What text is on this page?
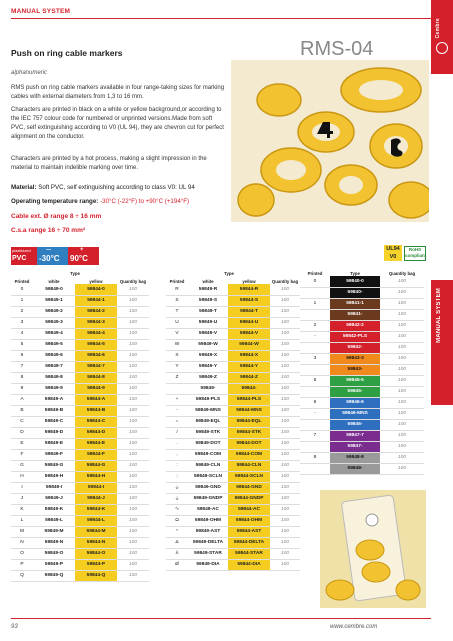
MANUAL SYSTEM
Cembre
Push on ring cable markers	RMS-04
alphanumeric
RMS push on ring cable markers available in four range-taking sizes for marking cables with external diameters from 1,3 to 16 mm.
Characters are printed in black on a white or yellow background,or according to the IEC 757 colour code for numbered or unprinted versions.Made from soft PVC, self extinguishing according to V0 (UL 94), they are chevron cut for perfect alignment on the conductor.
Characters are printed by a hot process, making a slight impression in the material to maintain indelible marking over time.
Material: Soft PVC, self extinguishing according to class V0: UL 94
Operating temperature range: -30°C (-22°F) to +90°C (+194°F)
Cable ext. Ø range 8 ÷ 16 mm
C.s.a range 16 ÷ 70 mm²
plasticized
PVC
—
-30°C
+
90°C
UL94 V0
RoHS compliant
Printed	Type		Quantity bag
	white	yellow	
0	59849-0	59844-0	100
1	59849-1	59844-1	100
2	59849-2	59844-2	100
3	59849-3	59844-3	100
4	59849-4	59844-4	100
5	59849-5	59844-5	100
6	59849-6	59844-6	100
7	59849-7	59844-7	100
8	59849-8	59844-8	100
9	59849-9	59844-9	100
A	59849-A	59844-A	100
B	59849-B	59844-B	100
C	59849-C	59844-C	100
D	59849-D	59844-D	100
E	59849-E	59844-E	100
F	59849-F	59844-F	100
G	59849-G	59844-G	100
H	59849-H	59844-H	100
I	59849-I	59844-I	100
J	59849-J	59844-J	100
K	59849-K	59844-K	100
L	59849-L	59844-L	100
M	59849-M	59844-M	100
N	59849-N	59844-N	100
O	59849-O	59844-O	100
P	59849-P	59844-P	100
Q	59849-Q	59844-Q	100
Printed	Type		Quantity bag
	white	yellow	
R	59849-R	59844-R	100
S	59849-S	59844-S	100
T	59849-T	59844-T	100
U	59849-U	59844-U	100
V	59849-V	59844-V	100
W	59849-W	59844-W	100
X	59849-X	59844-X	100
Y	59849-Y	59844-Y	100
Z	59849-Z	59844-Z	100
	59849-	59844-	100
+	59849-PLS	59844-PLS	100
-	59849-MNS	59844-MNS	100
=	59849-EQL	59844-EQL	100
/	59849-STK	59844-STK	100
.	59849-DOT	59844-DOT	100
,	59849-COM	59844-COM	100
:	59849-CLN	59844-CLN	100
;	59849-SCLN	59844-SCLN	100
⏚	59849-GND	59844-GND	100
⏚	59849-GNDP	59844-GNDP	100
∿	59849-AC	59844-AC	100
Ω	59849-OHM	59844-OHM	100
*	59849-AST	59844-AST	100
Δ	59849-DELTA	59844-DELTA	100
⅄	59849-STAR	59844-STAR	100
Ø	59849-DIA	59844-DIA	100
Printed	Type	Quantity bag
0	59840-0	100
	59840-	100
1	59841-1	100
	59841-	100
2	59842-2	100
-	59842-PLS	100
	59842-	100
3	59843-3	100
	59843-	100
5	59845-5	100
	59845-	100
6	59846-6	100
-	59846-MNS	100
	59846-	100
7	59847-7	100
	59847-	100
8	59848-8	100
	59848-	100
MANUAL SYSTEM
93	www.cembre.com
